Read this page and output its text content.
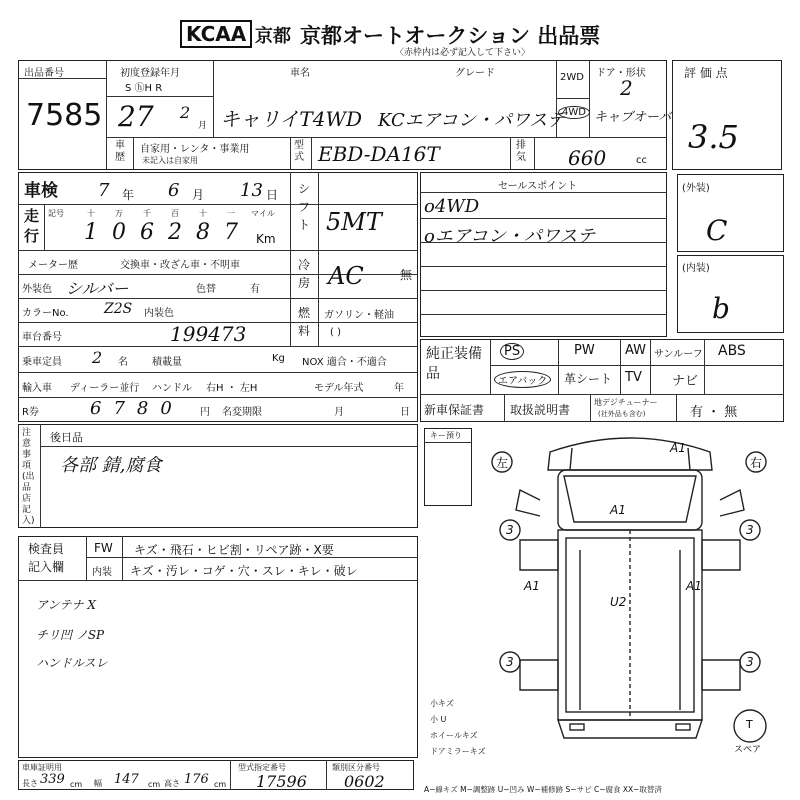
KCAA 京都 京都オートオークション 出品票
〈赤枠内は必ず記入して下さい〉
出品番号
7585
初度登録年月
S ⓗH R
27 2
月
車名
キャリイT4WD
グレード
KCエアコン・パワステ
2WD
4WD
ドア・形状
2
キャブオーバ
評 価 点
3.5
車歴
自家用・レンタ・事業用
未記入は自家用
型式 EBD-DA16T	排気 660	cc
車検 7 年 6 月 13 日
走行
記号	十	万	千	百	十	一 マイル
1 0 6 2 8 7 Km
シフト 5MT
冷房 AC	無
燃料
ガソリン・軽油
( )
メーター歴	交換車・改ざん車・不明車
外装色 シルバー	色替	有
カラーNo.	Z2S 内装色
車台番号	199473
乗車定員 2 名 積載量	Kg NOX 適合・不適合
輸入車 ディーラー並行 ハンドル 右H ・ 左H	モデル年式	年
R券	6780 円 名変期限	月	日
セールスポイント
o4WD
oエアコン・パワステ
(外装)
C
(内装)
b
純正装備品
PS	PW AW サンルーフ ABS
エアバック	革シート TV ナビ
新車保証書 取扱説明書
地デジチューナー
(社外品も含む)	有 ・ 無
注意事項(出品店記入)
後日品
各部 錆,腐食
キー預り
検査員記入欄
FW キズ・飛石・ヒビ割・リペア跡・X要
内装 キズ・汚レ・コゲ・穴・スレ・キレ・破レ
アンテナ X
チリ凹 ノSP
ハンドルスレ
左	右
T
スペア
A1
A1
A1	A1
U2
3	3
3	3
小キズ
小 U
ホイールキズ
ドアミラーキズ
車庫証明用
長さ 339 cm 幅 147 cm 高さ 176 cm
型式指定番号
17596
類別区分番号
0602	A−線キズ M−調整跡 U−凹み W−補修跡 S−サビ C−腐食 XX−取替済
